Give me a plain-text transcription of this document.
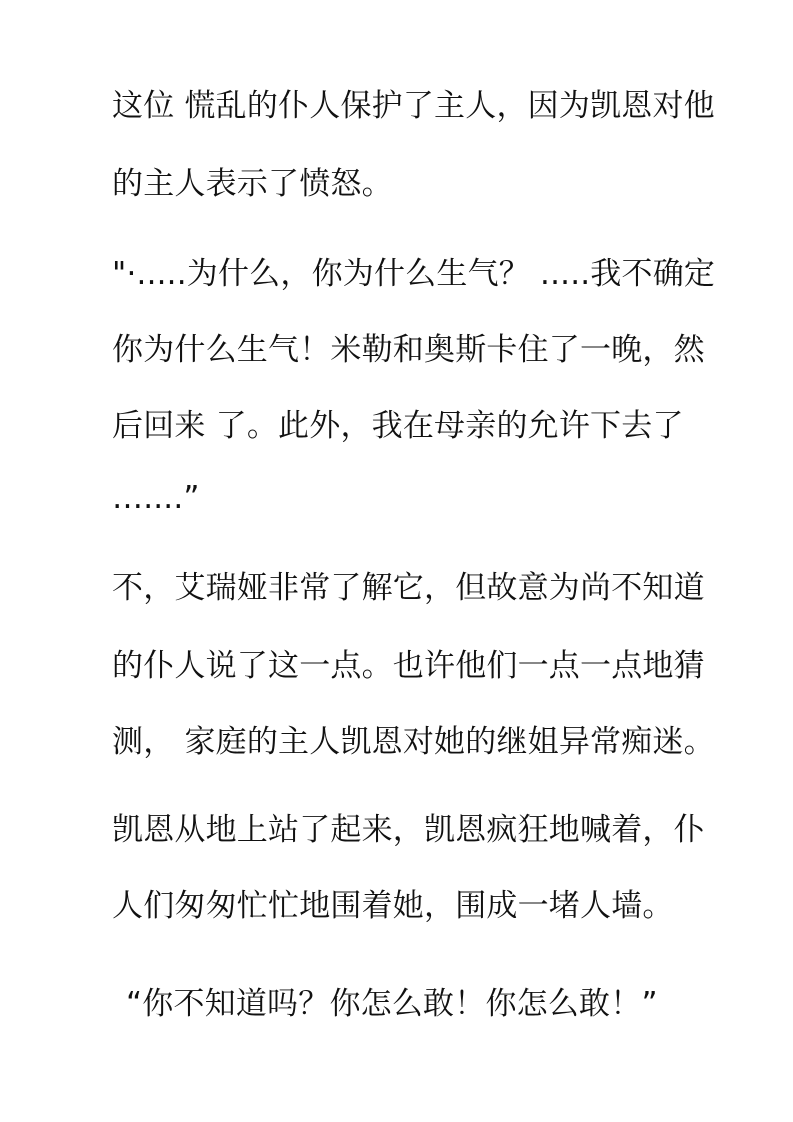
这位 慌乱的仆人保护了主人，因为凯恩对他
的主人表示了愤怒。
"·.....为什么，你为什么生气？ .....我不确定
你为什么生气！米勒和奥斯卡住了一晚，然
后回来 了。此外，我在母亲的允许下去了
…....”
不，艾瑞娅非常了解它，但故意为尚不知道
的仆人说了这一点。也许他们一点一点地猜
测， 家庭的主人凯恩对她的继姐异常痴迷。
凯恩从地上站了起来，凯恩疯狂地喊着，仆
人们匆匆忙忙地围着她，围成一堵人墙。
“你不知道吗？你怎么敢！你怎么敢！”
